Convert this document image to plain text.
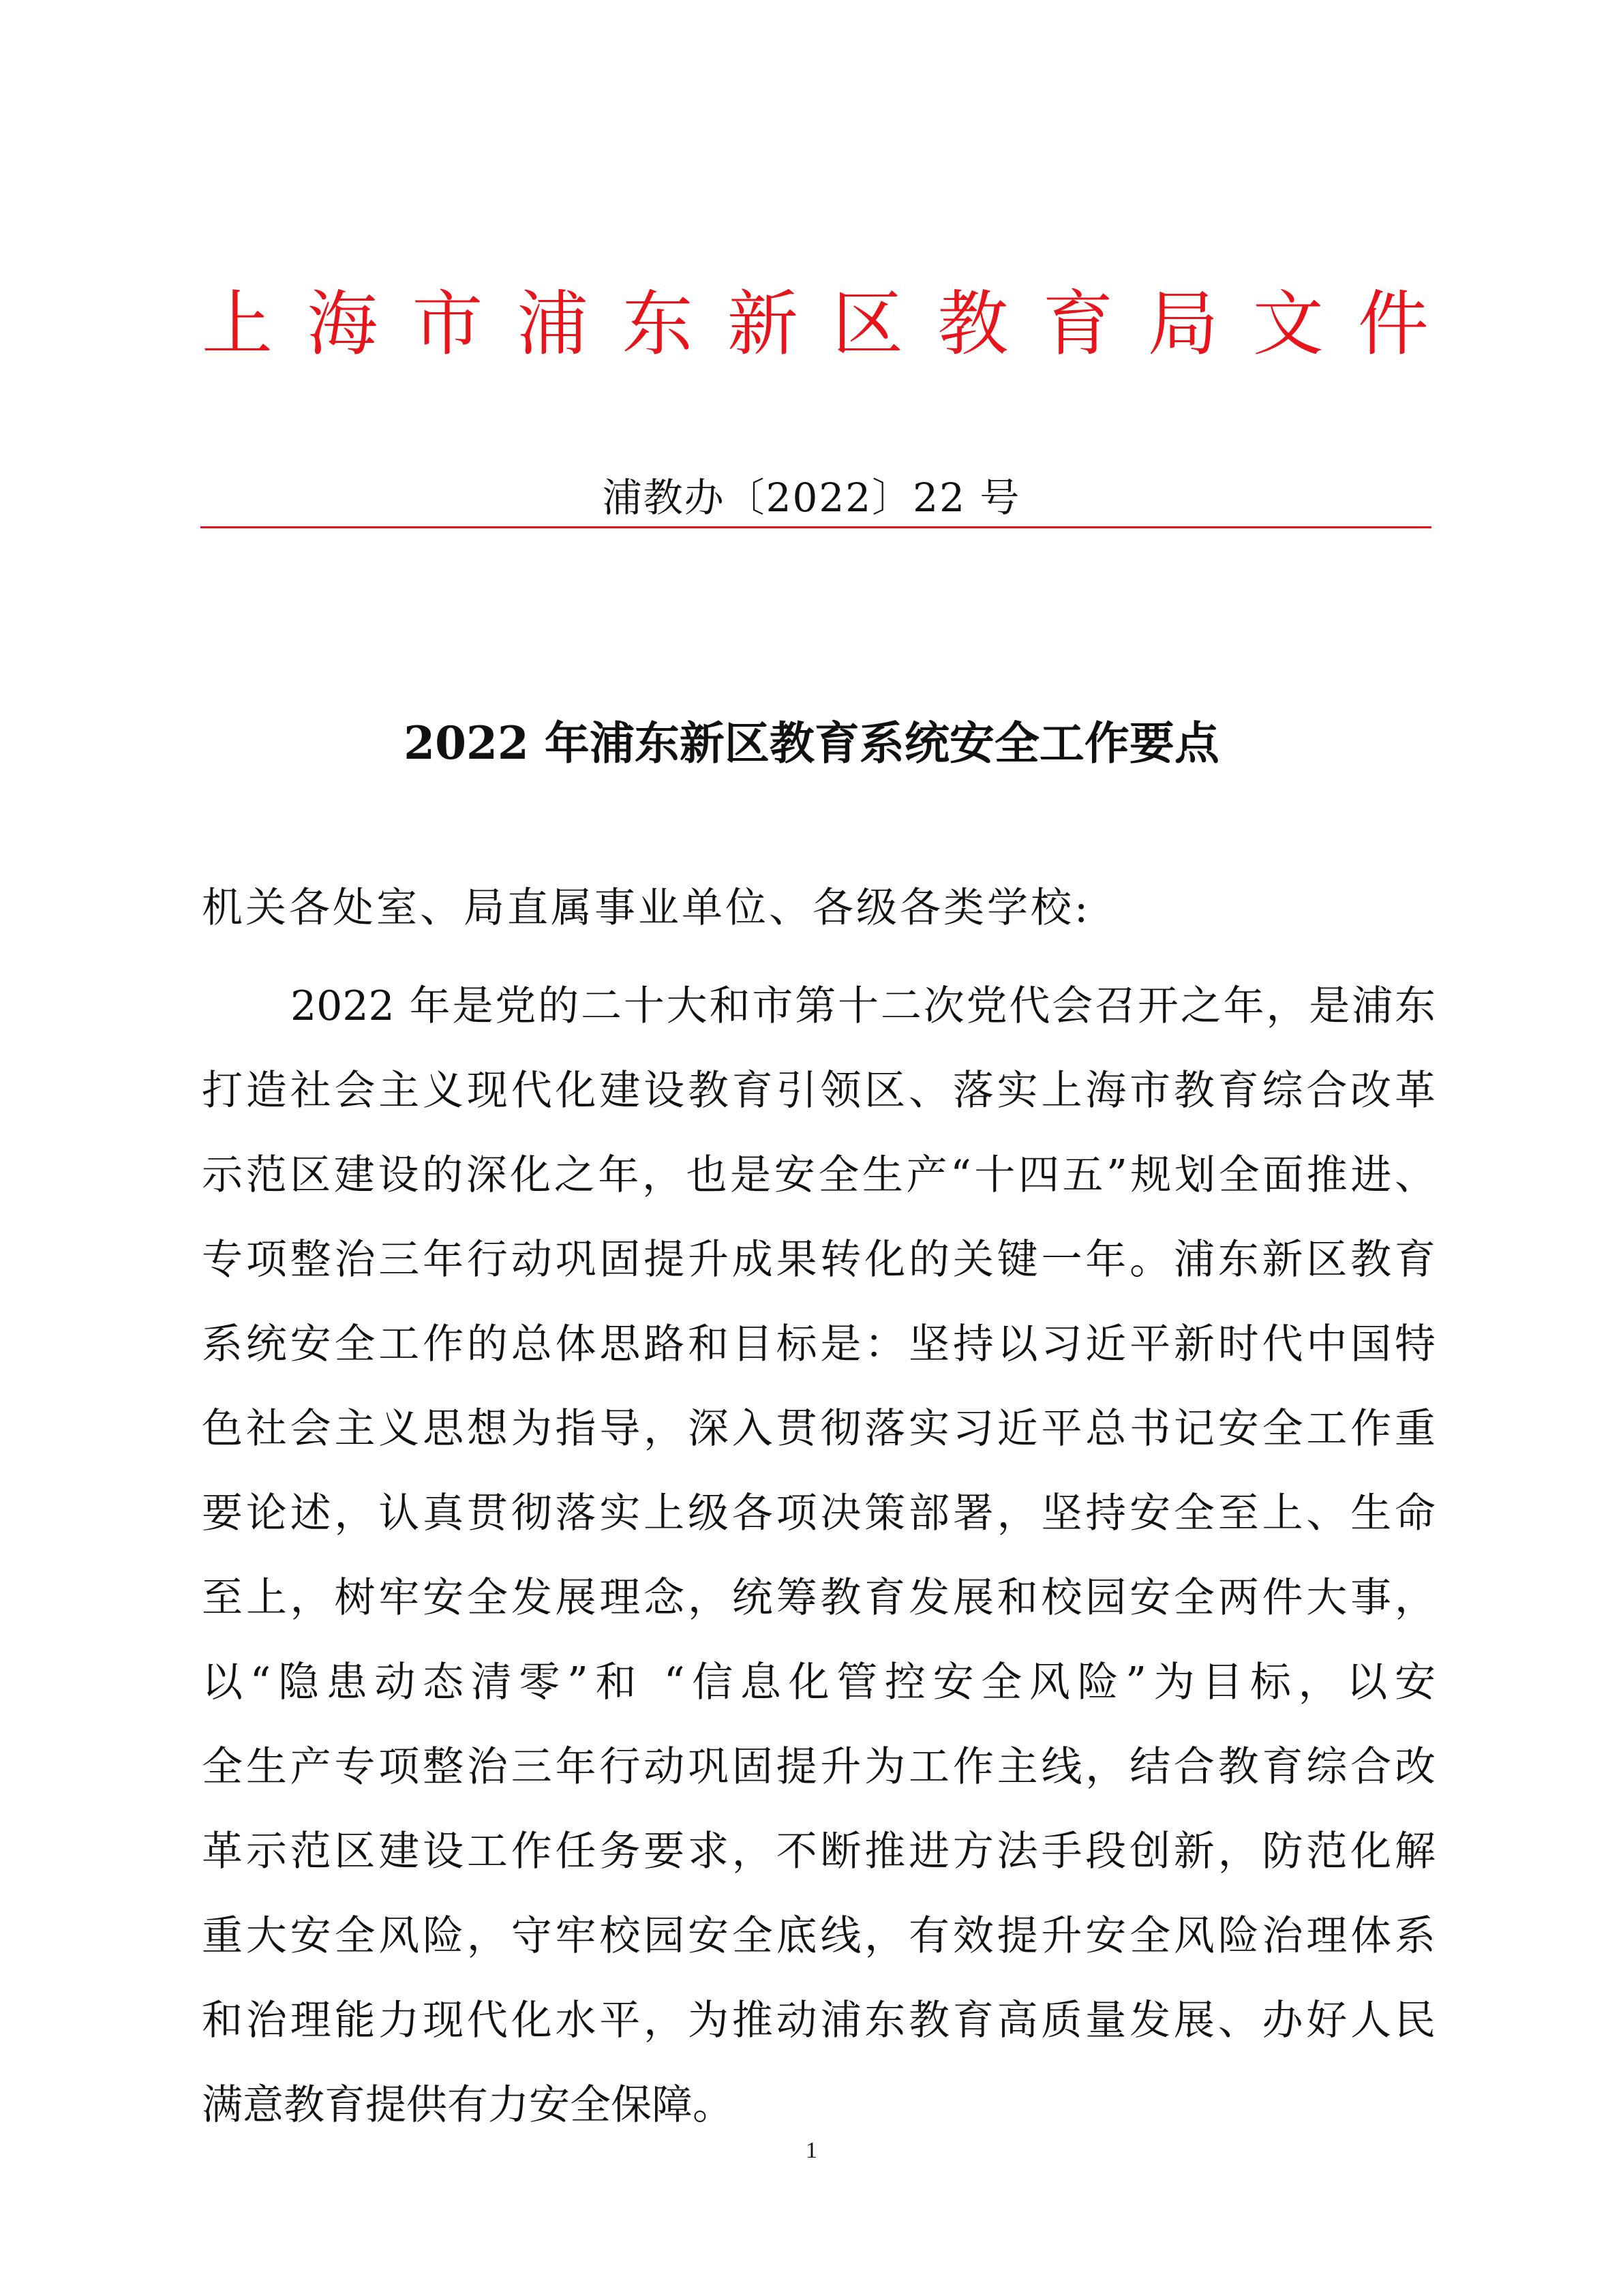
上 海 市 浦 东 新 区 教 育 局 文 件
浦教办〔2022〕22 号
2022 年浦东新区教育系统安全工作要点
机关各处室、局直属事业单位、各级各类学校:
2022 年是党的二十大和市第十二次党代会召开之年，是浦东
打造社会主义现代化建设教育引领区、落实上海市教育综合改革
示范区建设的深化之年，也是安全生产“十四五”规划全面推进、
专项整治三年行动巩固提升成果转化的关键一年。浦东新区教育
系统安全工作的总体思路和目标是：坚持以习近平新时代中国特
色社会主义思想为指导，深入贯彻落实习近平总书记安全工作重
要论述，认真贯彻落实上级各项决策部署，坚持安全至上、生命
至上，树牢安全发展理念，统筹教育发展和校园安全两件大事，
以“隐患动态清零”和 “信息化管控安全风险”为目标，以安
全生产专项整治三年行动巩固提升为工作主线，结合教育综合改
革示范区建设工作任务要求，不断推进方法手段创新，防范化解
重大安全风险，守牢校园安全底线，有效提升安全风险治理体系
和治理能力现代化水平，为推动浦东教育高质量发展、办好人民
满意教育提供有力安全保障。
1
